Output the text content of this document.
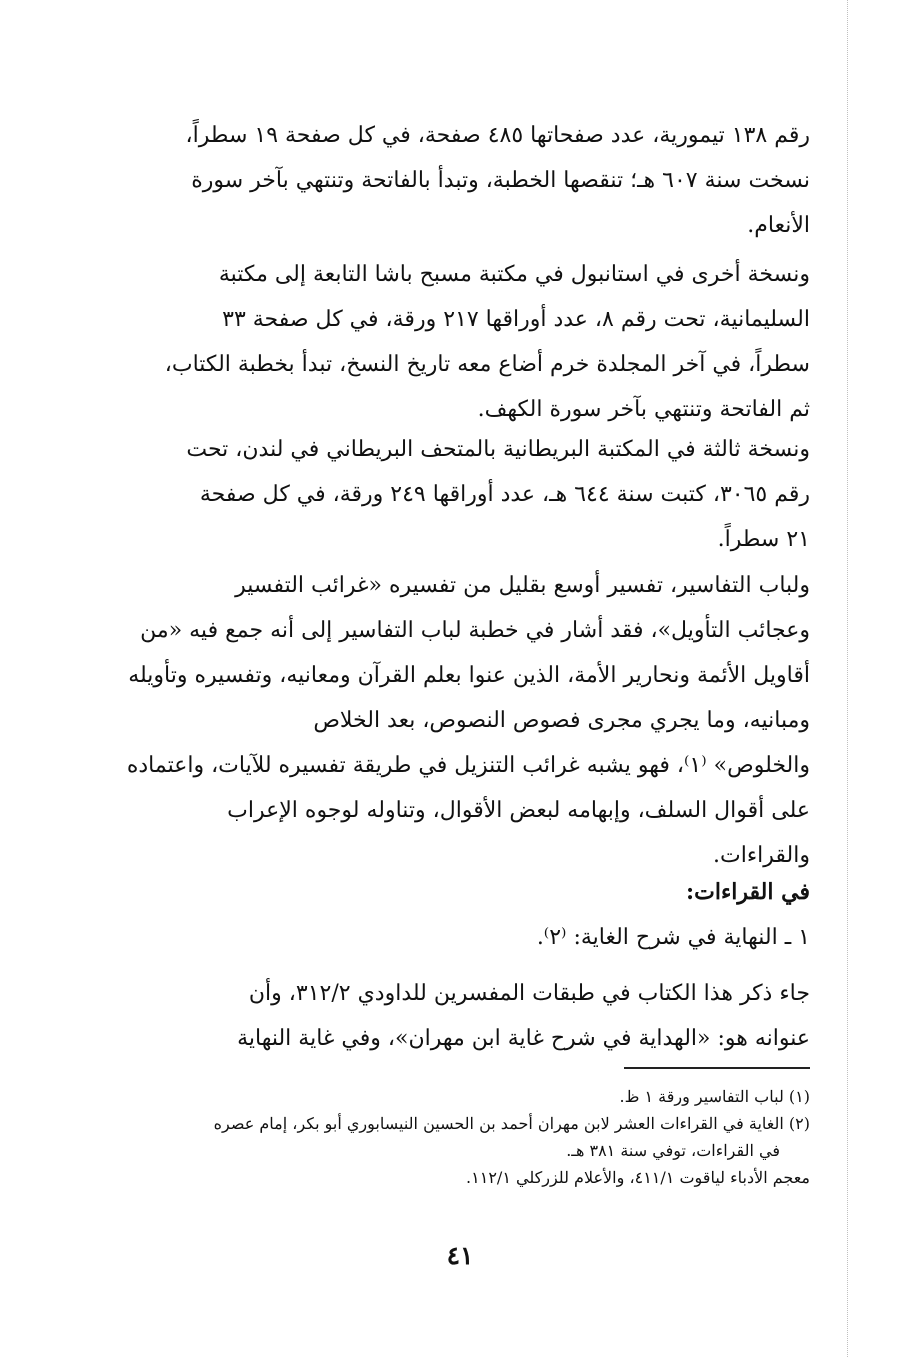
رقم ١٣٨ تيمورية، عدد صفحاتها ٤٨٥ صفحة، في كل صفحة ١٩ سطراً،
نسخت سنة ٦٠٧ هـ؛ تنقصها الخطبة، وتبدأ بالفاتحة وتنتهي بآخر سورة
الأنعام.
ونسخة أخرى في استانبول في مكتبة مسبح باشا التابعة إلى مكتبة
السليمانية، تحت رقم ٨، عدد أوراقها ٢١٧ ورقة، في كل صفحة ٣٣
سطراً، في آخر المجلدة خرم أضاع معه تاريخ النسخ، تبدأ بخطبة الكتاب،
ثم الفاتحة وتنتهي بآخر سورة الكهف.
ونسخة ثالثة في المكتبة البريطانية بالمتحف البريطاني في لندن، تحت
رقم ٣٠٦٥، كتبت سنة ٦٤٤ هـ، عدد أوراقها ٢٤٩ ورقة، في كل صفحة
٢١ سطراً.
ولباب التفاسير، تفسير أوسع بقليل من تفسيره «غرائب التفسير
وعجائب التأويل»، فقد أشار في خطبة لباب التفاسير إلى أنه جمع فيه «من
أقاويل الأئمة ونحارير الأمة، الذين عنوا بعلم القرآن ومعانيه، وتفسيره وتأويله
ومبانيه، وما يجري مجرى فصوص النصوص، بعد الخلاص
والخلوص» ⁽١⁾، فهو يشبه غرائب التنزيل في طريقة تفسيره للآيات، واعتماده
على أقوال السلف، وإبهامه لبعض الأقوال، وتناوله لوجوه الإعراب
والقراءات.
في القراءات:
١ ـ النهاية في شرح الغاية: ⁽٢⁾.
جاء ذكر هذا الكتاب في طبقات المفسرين للداودي ٣١٢/٢، وأن
عنوانه هو: «الهداية في شرح غاية ابن مهران»، وفي غاية النهاية
(١) لباب التفاسير ورقة ١ ظ.
(٢) الغاية في القراءات العشر لابن مهران أحمد بن الحسين النيسابوري أبو بكر، إمام عصره
في القراءات، توفي سنة ٣٨١ هـ.
معجم الأدباء لياقوت ٤١١/١، والأعلام للزركلي ١١٢/١.
٤١
